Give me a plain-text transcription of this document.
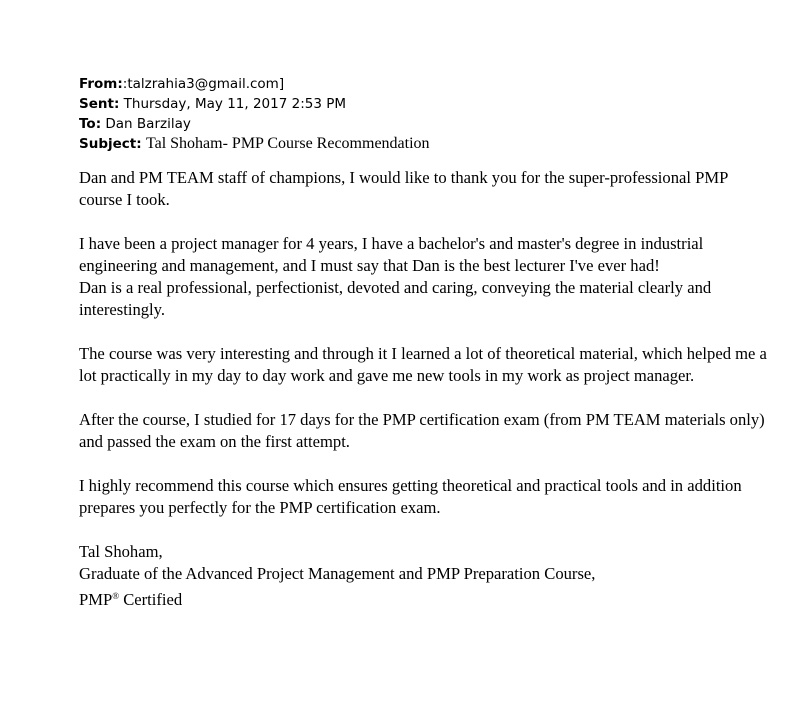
From::talzrahia3@gmail.com]
Sent: Thursday, May 11, 2017 2:53 PM
To: Dan Barzilay
Subject: Tal Shoham- PMP Course Recommendation

Dan and PM TEAM staff of champions, I would like to thank you for the super-professional PMP course I took.

I have been a project manager for 4 years, I have a bachelor's and master's degree in industrial engineering and management, and I must say that Dan is the best lecturer I've ever had!

Dan is a real professional, perfectionist, devoted and caring, conveying the material clearly and interestingly.

The course was very interesting and through it I learned a lot of theoretical material, which helped me a lot practically in my day to day work and gave me new tools in my work as project manager.

After the course, I studied for 17 days for the PMP certification exam (from PM TEAM materials only) and passed the exam on the first attempt.

I highly recommend this course which ensures getting theoretical and practical tools and in addition prepares you perfectly for the PMP certification exam.

Tal Shoham,
Graduate of the Advanced Project Management and PMP Preparation Course,
PMP® Certified
